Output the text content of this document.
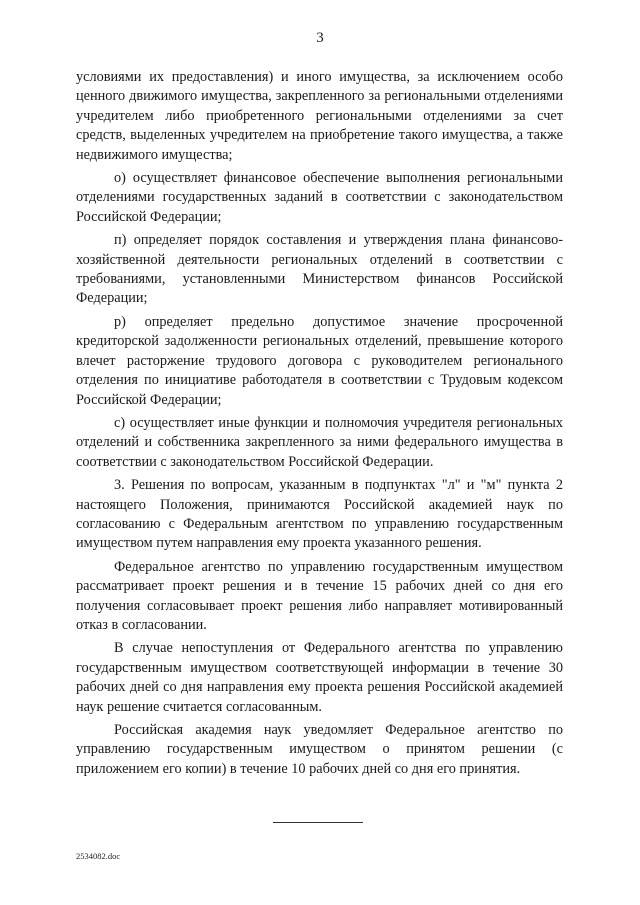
3

условиями их предоставления) и иного имущества, за исключением особо ценного движимого имущества, закрепленного за региональными отделениями учредителем либо приобретенного региональными отделениями за счет средств, выделенных учредителем на приобретение такого имущества, а также недвижимого имущества;

о) осуществляет финансовое обеспечение выполнения региональными отделениями государственных заданий в соответствии с законодательством Российской Федерации;

п) определяет порядок составления и утверждения плана финансово-хозяйственной деятельности региональных отделений в соответствии с требованиями, установленными Министерством финансов Российской Федерации;

р) определяет предельно допустимое значение просроченной кредиторской задолженности региональных отделений, превышение которого влечет расторжение трудового договора с руководителем регионального отделения по инициативе работодателя в соответствии с Трудовым кодексом Российской Федерации;

с) осуществляет иные функции и полномочия учредителя региональных отделений и собственника закрепленного за ними федерального имущества в соответствии с законодательством Российской Федерации.

3. Решения по вопросам, указанным в подпунктах "л" и "м" пункта 2 настоящего Положения, принимаются Российской академией наук по согласованию с Федеральным агентством по управлению государственным имуществом путем направления ему проекта указанного решения.

Федеральное агентство по управлению государственным имуществом рассматривает проект решения и в течение 15 рабочих дней со дня его получения согласовывает проект решения либо направляет мотивированный отказ в согласовании.

В случае непоступления от Федерального агентства по управлению государственным имуществом соответствующей информации в течение 30 рабочих дней со дня направления ему проекта решения Российской академией наук решение считается согласованным.

Российская академия наук уведомляет Федеральное агентство по управлению государственным имуществом о принятом решении (с приложением его копии) в течение 10 рабочих дней со дня его принятия.

2534082.doc
